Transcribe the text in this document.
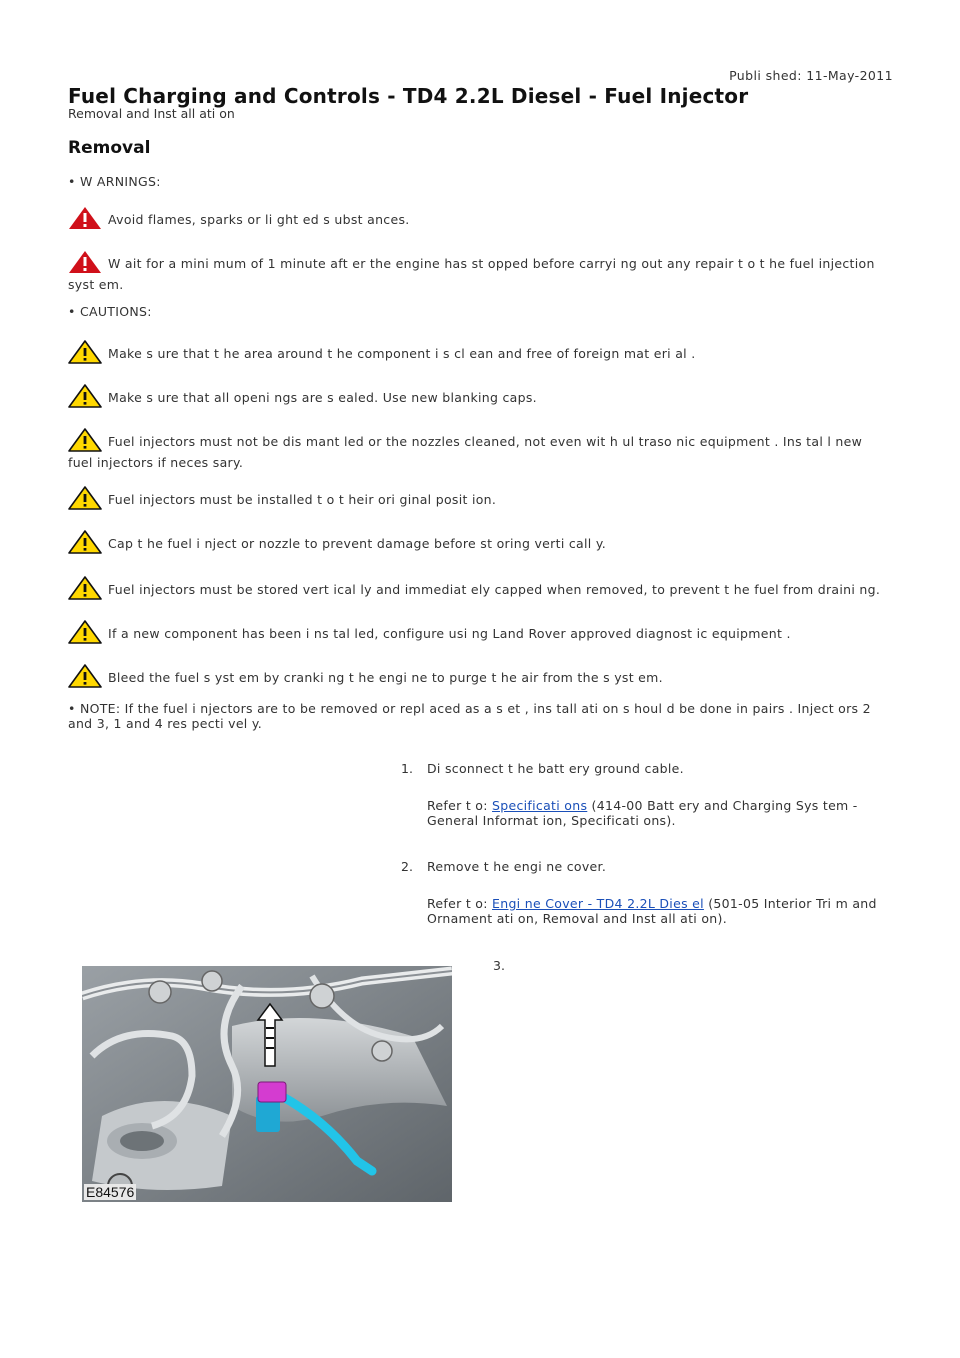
Publi shed: 11-May-2011
Fuel Charging and Controls - TD4 2.2L Diesel - Fuel Injector
Removal and Inst all ati on
Removal
• W ARNINGS:
Avoid flames, sparks or li ght ed s ubst ances.
W ait for a mini mum of 1 minute aft er the engine has st opped before carryi ng out any repair t o t he fuel injection syst em.
• CAUTIONS:
Make s ure that t he area around t he component i s cl ean and free of foreign mat eri al .
Make s ure that all openi ngs are s ealed. Use new blanking caps.
Fuel injectors must not be dis mant led or the nozzles cleaned, not even wit h ul traso nic equipment . Ins tal l new fuel injectors if neces sary.
Fuel injectors must be installed t o t heir ori ginal posit ion.
Cap t he fuel i nject or nozzle to prevent damage before st oring verti call y.
Fuel injectors must be stored vert ical ly and immediat ely capped when removed, to prevent t he fuel from draini ng.
If a new component has been i ns tal led, configure usi ng Land Rover approved diagnost ic equipment .
Bleed the fuel s yst em by cranki ng t he engi ne to purge t he air from the s yst em.
• NOTE: If the fuel i njectors are to be removed or repl aced as a s et , ins tall ati on s houl d be done in pairs . Inject ors 2 and 3, 1 and 4 res pecti vel y.
1. Di sconnect t he batt ery ground cable.
Refer t o: Specificati ons (414-00 Batt ery and Charging Sys tem - General Informat ion, Specificati ons).
2. Remove t he engi ne cover.
Refer t o: Engi ne Cover - TD4 2.2L Dies el (501-05 Interior Tri m and Ornament ati on, Removal and Inst all ati on).
3.
E84576
